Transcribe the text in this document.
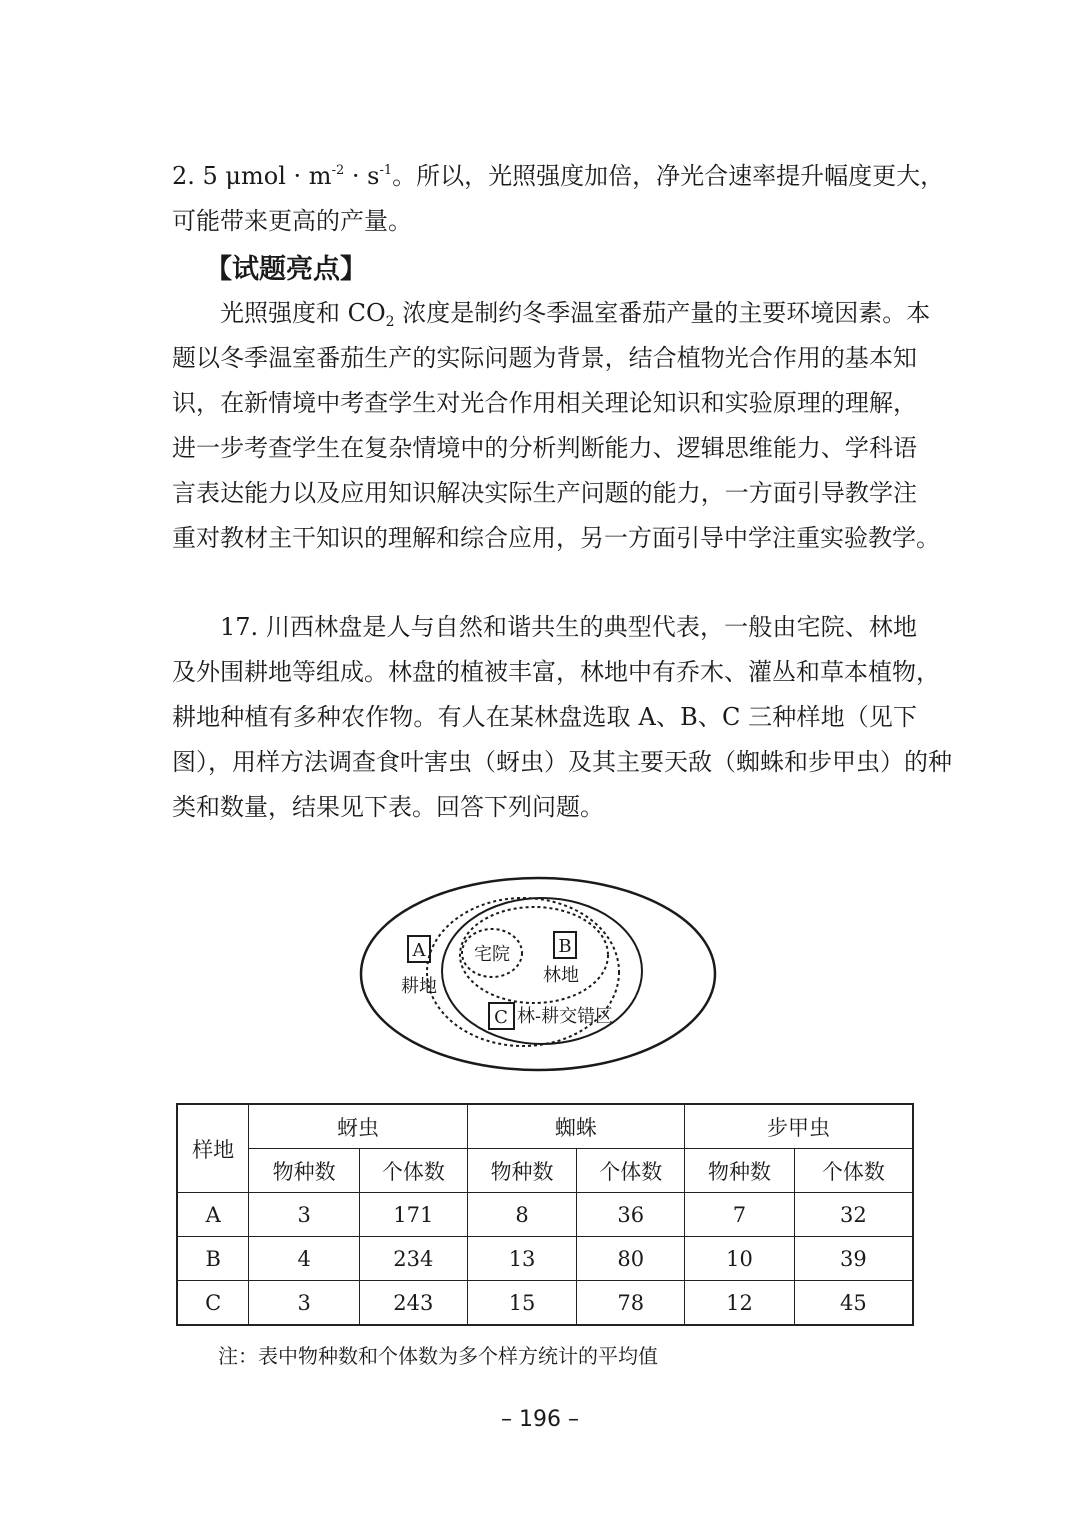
2. 5 $\mu mol \cdot m^{-2} \cdot s^{-1}$。所以，光照强度加倍，净光合速率提升幅度更大，
可能带来更高的产量。
【试题亮点】
光照强度和 $CO_2$ 浓度是制约冬季温室番茄产量的主要环境因素。本
题以冬季温室番茄生产的实际问题为背景，结合植物光合作用的基本知
识，在新情境中考查学生对光合作用相关理论知识和实验原理的理解，
进一步考查学生在复杂情境中的分析判断能力、逻辑思维能力、学科语
言表达能力以及应用知识解决实际生产问题的能力，一方面引导教学注
重对教材主干知识的理解和综合应用，另一方面引导中学注重实验教学。
17. 川西林盘是人与自然和谐共生的典型代表，一般由宅院、林地
及外围耕地等组成。林盘的植被丰富，林地中有乔木、灌丛和草本植物，
耕地种植有多种农作物。有人在某林盘选取 A、B、C 三种样地（见下
图），用样方法调查食叶害虫（蚜虫）及其主要天敌（蜘蛛和步甲虫）的种
类和数量，结果见下表。回答下列问题。
宅院
A
耕地
B
林地
C 林-耕交错区
样地	蚜虫		蜘蛛		步甲虫	
	物种数	个体数	物种数	个体数	物种数	个体数
A	3	171	8	36	7	32
B	4	234	13	80	10	39
C	3	243	15	78	12	45
注：表中物种数和个体数为多个样方统计的平均值
– 196 –
